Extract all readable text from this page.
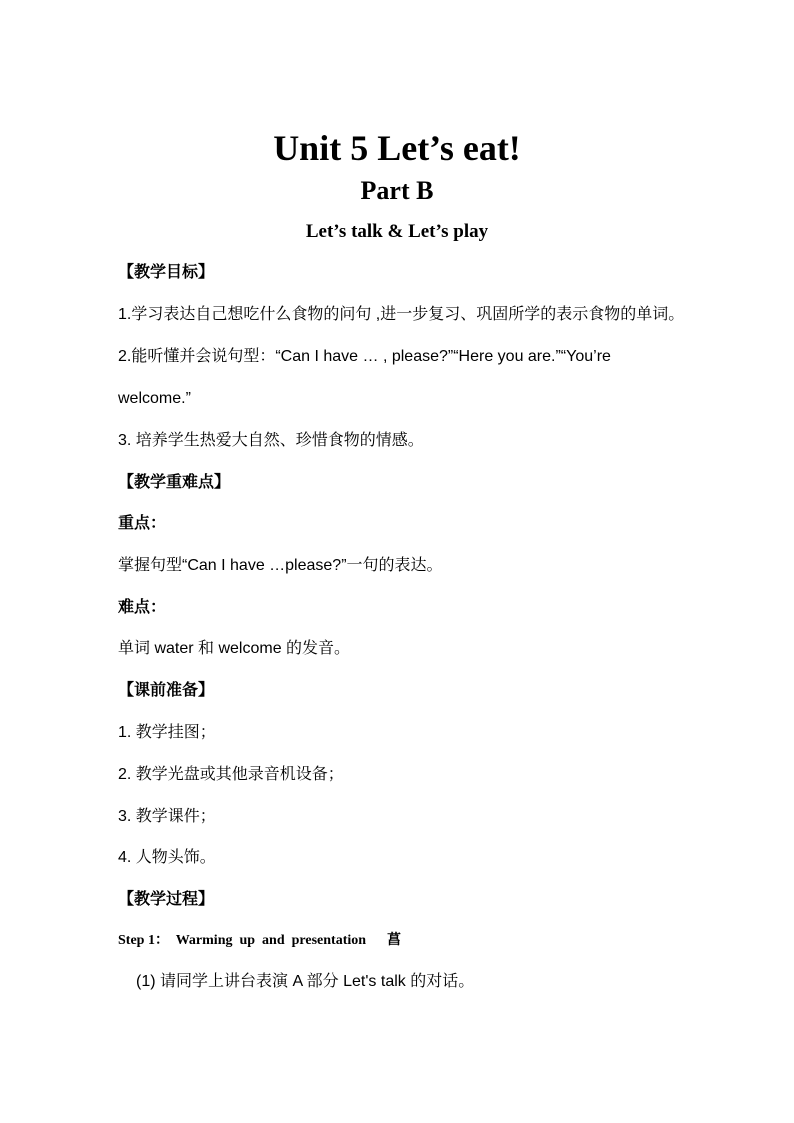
Unit 5 Let’s eat!
Part B
Let’s talk & Let’s play
【教学目标】
1.学习表达自己想吃什么食物的问句 ,进一步复习、巩固所学的表示食物的单词。
2.能听懂并会说句型：“Can I have … , please?”“Here you are.”“You’re
welcome.”
3. 培养学生热爱大自然、珍惜食物的情感。
【教学重难点】
重点：
掌握句型“Can I have …please?”一句的表达。
难点：
单词 water 和 welcome 的发音。
【课前准备】
1. 教学挂图；
2. 教学光盘或其他录音机设备；
3. 教学课件；
4. 人物头饰。
【教学过程】
Step 1：  Warming  up  and  presentation      菖
(1) 请同学上讲台表演 A 部分 Let's talk 的对话。
